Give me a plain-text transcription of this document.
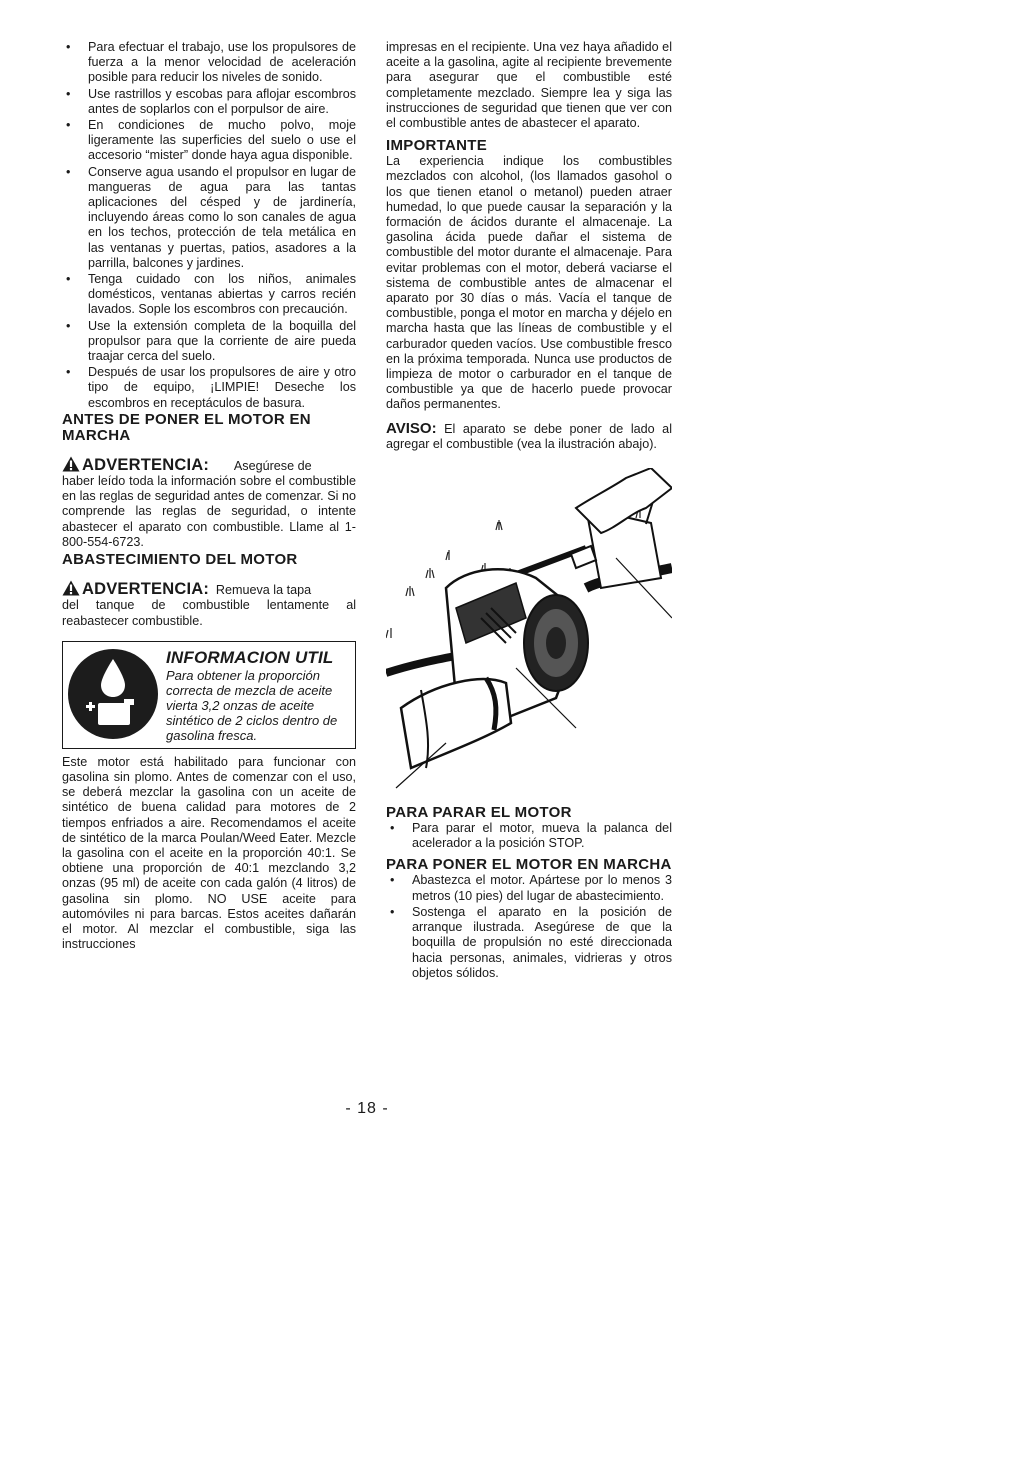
• Para efectuar el trabajo, use los propulsores de fuerza a la menor velocidad de aceleración posible para reducir los niveles de sonido.
• Use rastrillos y escobas para aflojar escombros antes de soplarlos con el porpulsor de aire.
• En condiciones de mucho polvo, moje ligeramente las superficies del suelo o use el accesorio “mister” donde haya agua disponible.
• Conserve agua usando el propulsor en lugar de mangueras de agua para las tantas aplicaciones del césped y de jardinería, incluyendo áreas como lo son canales de agua en los techos, protección de tela metálica en las ventanas y puertas, patios, asadores a la parrilla, balcones y jardines.
• Tenga cuidado con los niños, animales domésticos, ventanas abiertas y carros recién lavados. Sople los escombros con precaución.
• Use la extensión completa de la boquilla del propulsor para que la corriente de aire pueda traajar cerca del suelo.
• Después de usar los propulsores de aire y otro tipo de equipo, ¡LIMPIE! Deseche los escombros en receptáculos de basura.
ANTES DE PONER EL MOTOR EN MARCHA

ADVERTENCIA: Asegúrese de

haber leído toda la información sobre el combustible en las reglas de seguridad antes de comenzar. Si no comprende las reglas de seguridad, o intente abastecer el aparato con combustible. Llame al 1-800-554-6723.

ABASTECIMIENTO DEL MOTOR

ADVERTENCIA: Remueva la tapa

del tanque de combustible lentamente al reabastecer combustible.

INFORMACION UTIL
Para obtener la proporción correcta de mezcla de aceite vierta 3,2 onzas de aceite sintético de 2 ciclos dentro de gasolina fresca.

Este motor está habilitado para funcionar con gasolina sin plomo. Antes de comenzar con el uso, se deberá mezclar la gasolina con un aceite de sintético de buena calidad para motores de 2 tiempos enfriados a aire. Recomendamos el aceite de sintético de la marca Poulan/Weed Eater. Mezcle la gasolina con el aceite en la proporción 40:1. Se obtiene una proporción de 40:1 mezclando 3,2 onzas (95 ml) de aceite con cada galón (4 litros) de gasolina sin plomo. NO USE aceite para automóviles ni para barcas. Estos aceites dañarán el motor. Al mezclar el combustible, siga las instrucciones

impresas en el recipiente. Una vez haya añadido el aceite a la gasolina, agite al recipiente brevemente para asegurar que el combustible esté completamente mezclado. Siempre lea y siga las instrucciones de seguridad que tienen que ver con el combustible antes de abastecer el aparato.

IMPORTANTE

La experiencia indique los combustibles mezclados con alcohol, (los llamados gasohol o los que tienen etanol o metanol) pueden atraer humedad, lo que puede causar la separación y la formación de ácidos durante el almacenaje. La gasolina ácida puede dañar el sistema de combustible del motor durante el almacenaje. Para evitar problemas con el motor, deberá vaciarse el sistema de combustible antes de almacenar el aparato por 30 días o más. Vacía el tanque de combustible, ponga el motor en marcha y déjelo en marcha hasta que las líneas de combustible y el carburador queden vacíos. Use combustible fresco en la próxima temporada. Nunca use productos de limpieza de motor o carburador en el tanque de combustible ya que de hacerlo puede provocar daños permanentes.

AVISO: El aparato se debe poner de lado al agregar el combustible (vea la ilustración abajo).

PARA PARAR EL MOTOR
• Para parar el motor, mueva la palanca del acelerador a la posición STOP.
PARA PONER EL MOTOR EN MARCHA
• Abastezca el motor. Apártese por lo menos 3 metros (10 pies) del lugar de abastecimiento.
• Sostenga el aparato en la posición de arranque ilustrada. Asegúrese de que la boquilla de propulsión no esté direccionada hacia personas, animales, vidrieras y otros objetos sólidos.
- 18 -
